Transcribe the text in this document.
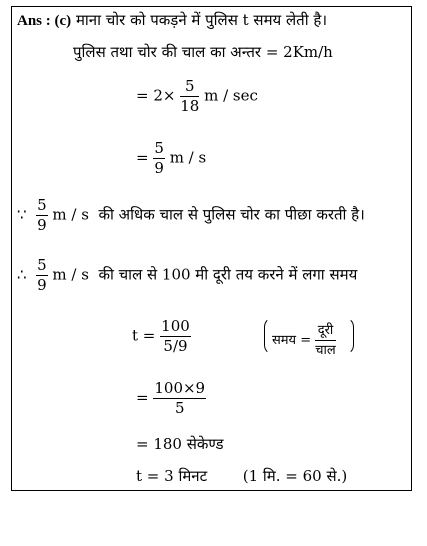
Ans : (c) माना चोर को पकड़ने में पुलिस t समय लेती है।
पुलिस तथा चोर की चाल का अन्तर = 2Km/h
= $2\times \frac{5}{18}$ m / sec
= $\frac{5}{9}$ m / s
∵ $\frac{5}{9}$ m / s की अधिक चाल से पुलिस चोर का पीछा करती है।
∴ $\frac{5}{9}$ m / s की चाल से 100 मी दूरी तय करने में लगा समय
$t = \frac{100}{5/9}$	समय = $\frac{\text{दूरी}}{\text{चाल}}$
= $\frac{100\times 9}{5}$
= 180 सेकेण्ड
t = 3 मिनट (1 मि. = 60 से.)
